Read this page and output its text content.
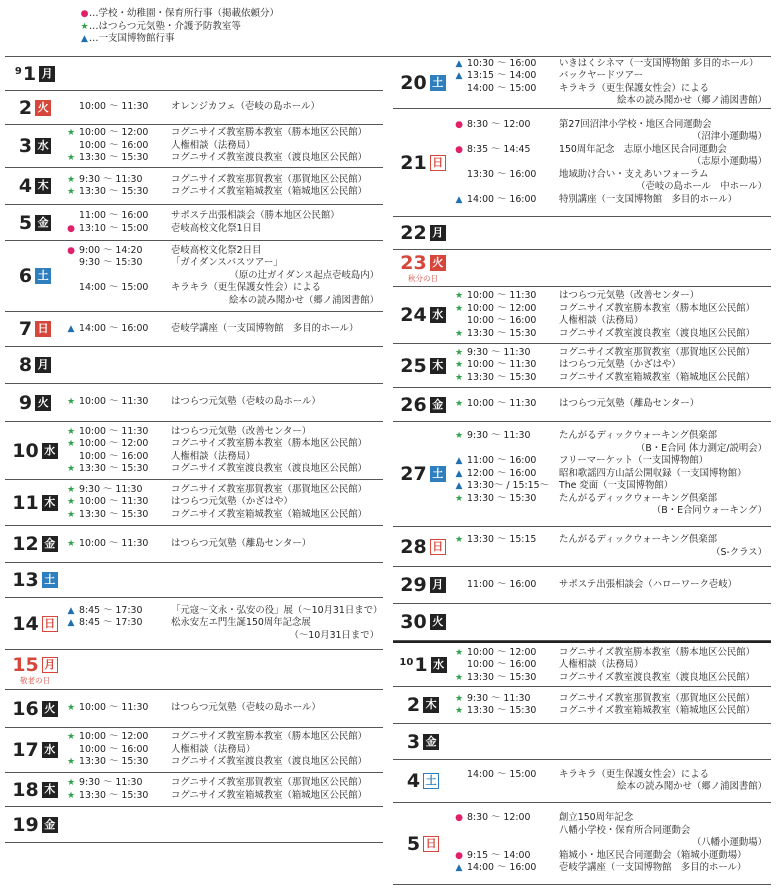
●…学校・幼稚園・保育所行事（掲載依頼分）
★…はつらつ元気塾・介護予防教室等
▲…一支国博物館行事
$^9$1 月
2 火	10:00 ～ 11:30 オレンジカフェ（壱岐の島ホール）
3 水
★ 10:00 ～ 12:00 コグニサイズ教室勝本教室（勝本地区公民館）
10:00 ～ 16:00 人権相談（法務局）
★ 13:30 ～ 15:30 コグニサイズ教室渡良教室（渡良地区公民館）
4 木 ★ 9:30 ～ 11:30	コグニサイズ教室那賀教室（那賀地区公民館）
★ 13:30 ～ 15:30 コグニサイズ教室箱城教室（箱城地区公民館）
5 金	11:00 ～ 16:00 サポステ出張相談会（勝本地区公民館）
● 13:10 ～ 15:00 壱岐高校文化祭1日目
6 土
● 9:00 ～ 14:20	壱岐高校文化祭2日目
9:30 ～ 15:30	「ガイダンスバスツアー」
（原の辻ガイダンス起点壱岐島内）
14:00 ～ 15:00 キラキラ（更生保護女性会）による
絵本の読み聞かせ（郷ノ浦図書館）
7 日 ▲ 14:00 ～ 16:00 壱岐学講座（一支国博物館　多目的ホール）
8 月
9 火 ★ 10:00 ～ 11:30 はつらつ元気塾（壱岐の島ホール）
10 水
★ 10:00 ～ 11:30 はつらつ元気塾（改善センター）
★ 10:00 ～ 12:00 コグニサイズ教室勝本教室（勝本地区公民館）
10:00 ～ 16:00 人権相談（法務局）
★ 13:30 ～ 15:30 コグニサイズ教室渡良教室（渡良地区公民館）
11 木
★ 9:30 ～ 11:30	コグニサイズ教室那賀教室（那賀地区公民館）
★ 10:00 ～ 11:30 はつらつ元気塾（かざはや）
★ 13:30 ～ 15:30 コグニサイズ教室箱城教室（箱城地区公民館）
12 金 ★ 10:00 ～ 11:30 はつらつ元気塾（離島センター）
13 土
14 日
▲ 8:45 ～ 17:30	「元寇～文永・弘安の役」展（～10月31日まで）
▲ 8:45 ～ 17:30	松永安左エ門生誕150周年記念展
（～10月31日まで）
15 月
敬老の日
16 火 ★ 10:00 ～ 11:30 はつらつ元気塾（壱岐の島ホール）
17 水
★ 10:00 ～ 12:00 コグニサイズ教室勝本教室（勝本地区公民館）
10:00 ～ 16:00 人権相談（法務局）
★ 13:30 ～ 15:30 コグニサイズ教室渡良教室（渡良地区公民館）
18 木 ★ 9:30 ～ 11:30	コグニサイズ教室那賀教室（那賀地区公民館）
★ 13:30 ～ 15:30 コグニサイズ教室箱城教室（箱城地区公民館）
19 金
20 土
▲ 10:30 ～ 16:00 いきはくシネマ（一支国博物館 多目的ホール）
▲ 13:15 ～ 14:00 バックヤードツアー
14:00 ～ 15:00 キラキラ（更生保護女性会）による
絵本の読み聞かせ（郷ノ浦図書館）
21 日
● 8:30 ～ 12:00	第27回沼津小学校・地区合同運動会
（沼津小運動場）
● 8:35 ～ 14:45	150周年記念　志原小地区民合同運動会
（志原小運動場）
13:30 ～ 16:00 地域助け合い・支えあいフォーラム
（壱岐の島ホール　中ホール）
▲ 14:00 ～ 16:00 特別講座（一支国博物館　多目的ホール）
22 月
23 火
秋分の日
24 水
★ 10:00 ～ 11:30 はつらつ元気塾（改善センター）
★ 10:00 ～ 12:00 コグニサイズ教室勝本教室（勝本地区公民館）
10:00 ～ 16:00 人権相談（法務局）
★ 13:30 ～ 15:30 コグニサイズ教室渡良教室（渡良地区公民館）
25 木
★ 9:30 ～ 11:30	コグニサイズ教室那賀教室（那賀地区公民館）
★ 10:00 ～ 11:30 はつらつ元気塾（かざはや）
★ 13:30 ～ 15:30 コグニサイズ教室箱城教室（箱城地区公民館）
26 金 ★ 10:00 ～ 11:30 はつらつ元気塾（離島センター）
27 土
★ 9:30 ～ 11:30	たんがるディックウォーキング倶楽部
（B・E合同 体力測定/説明会）
▲ 11:00 ～ 16:00 フリーマーケット（一支国博物館）
▲ 12:00 ～ 16:00 昭和歌謡四方山話公開収録（一支国博物館）
▲ 13:30～ / 15:15～ The 変面（一支国博物館）
★ 13:30 ～ 15:30 たんがるディックウォーキング倶楽部
（B・E合同ウォーキング）
28 日 ★ 13:30 ～ 15:15 たんがるディックウォーキング倶楽部
（S-クラス）
29 月	11:00 ～ 16:00 サポステ出張相談会（ハローワーク壱岐）
30 火
$^{10}$1 水
★ 10:00 ～ 12:00 コグニサイズ教室勝本教室（勝本地区公民館）
10:00 ～ 16:00 人権相談（法務局）
★ 13:30 ～ 15:30 コグニサイズ教室渡良教室（渡良地区公民館）
2 木 ★ 9:30 ～ 11:30	コグニサイズ教室那賀教室（那賀地区公民館）
★ 13:30 ～ 15:30 コグニサイズ教室箱城教室（箱城地区公民館）
3 金
4 土	14:00 ～ 15:00 キラキラ（更生保護女性会）による
絵本の読み聞かせ（郷ノ浦図書館）
5 日
● 8:30 ～ 12:00	創立150周年記念
八幡小学校・保育所合同運動会
（八幡小運動場）
● 9:15 ～ 14:00	箱城小・地区民合同運動会（箱城小運動場）
▲ 14:00 ～ 16:00 壱岐学講座（一支国博物館　多目的ホール）
